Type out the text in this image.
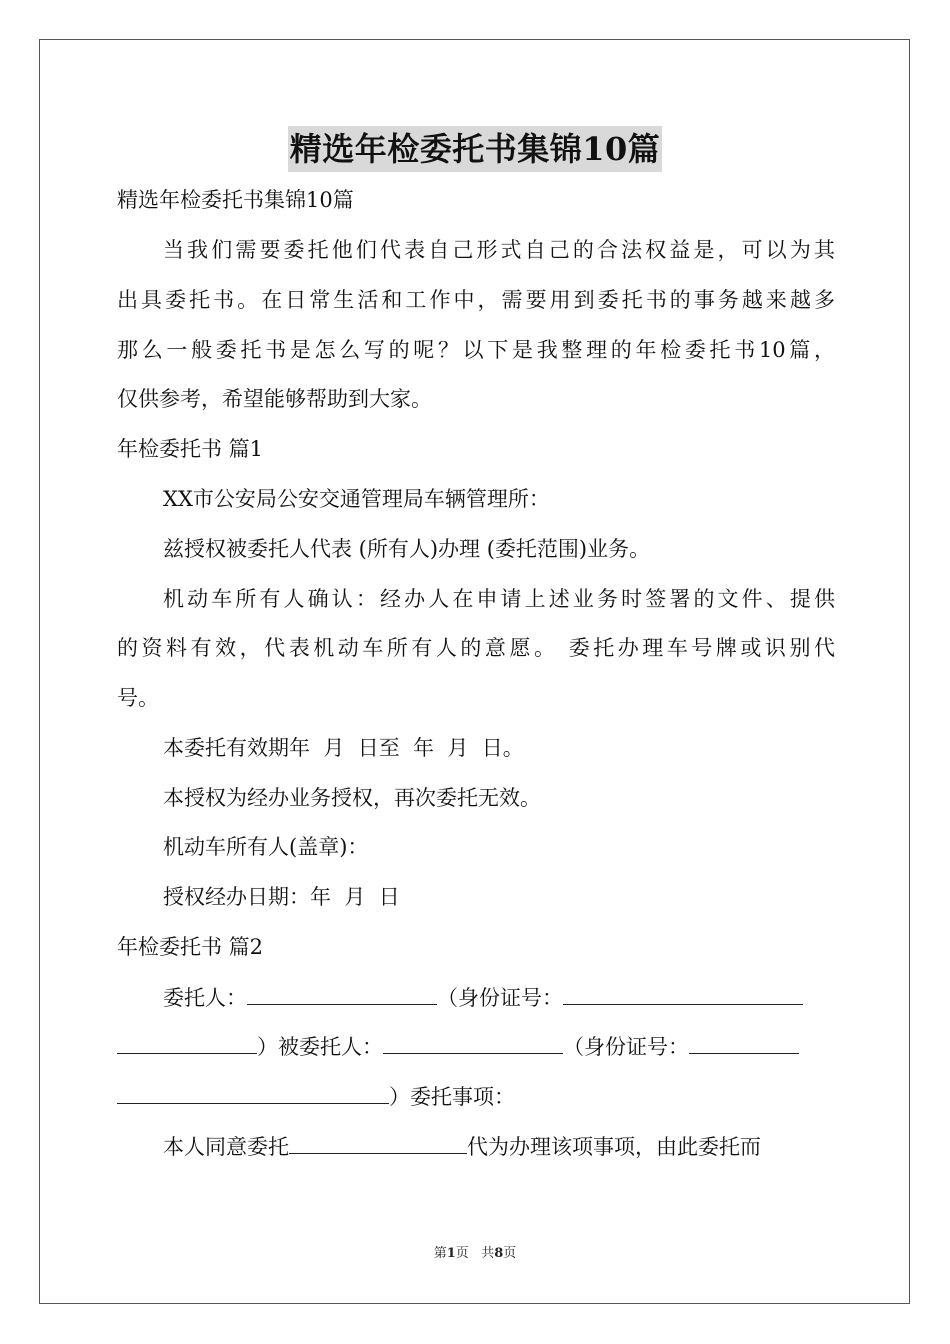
精选年检委托书集锦10篇
精选年检委托书集锦10篇
当我们需要委托他们代表自己形式自己的合法权益是，可以为其
出具委托书。在日常生活和工作中，需要用到委托书的事务越来越多
那么一般委托书是怎么写的呢？以下是我整理的年检委托书10篇，
仅供参考，希望能够帮助到大家。
年检委托书 篇1
XX市公安局公安交通管理局车辆管理所：
兹授权被委托人代表 (所有人)办理 (委托范围)业务。
机动车所有人确认：经办人在申请上述业务时签署的文件、提供
的资料有效，代表机动车所有人的意愿。 委托办理车号牌或识别代
号。
本委托有效期年  月  日至  年  月  日。
本授权为经办业务授权，再次委托无效。
机动车所有人(盖章)：
授权经办日期：年  月  日
年检委托书 篇2
委托人：	（身份证号：
）被委托人：	（身份证号：
）委托事项：
本人同意委托	代为办理该项事项，由此委托而
第1页 共8页
